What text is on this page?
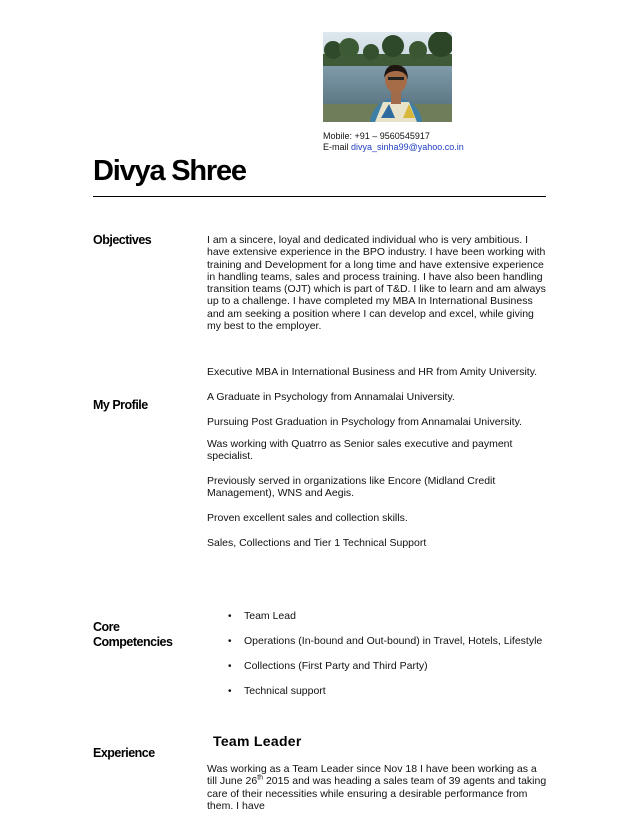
Mobile: +91 – 9560545917
E-mail divya_sinha99@yahoo.co.in
Divya Shree
Objectives	I am a sincere, loyal and dedicated individual who is very ambitious. I have extensive experience in the BPO industry. I have been working with training and Development for a long time and have extensive experience in handling teams, sales and process training. I have also been handling transition teams (OJT) which is part of T&D. I like to learn and am always up to a challenge. I have completed my MBA In International Business and am seeking a position where I can develop and excel, while giving my best to the employer.

My Profile

Executive MBA in International Business and HR from Amity University.

A Graduate in Psychology from Annamalai University.

Pursuing Post Graduation in Psychology from Annamalai University.

Was working with Quatrro as Senior sales executive and payment specialist.

Previously served in organizations like Encore (Midland Credit Management), WNS and Aegis.

Proven excellent sales and collection skills.

Sales, Collections and Tier 1 Technical Support

Core
Competencies
• Team Lead
• Operations (In-bound and Out-bound) in Travel, Hotels, Lifestyle
• Collections (First Party and Third Party)
• Technical support
Experience
Team Leader

Was working as a Team Leader since Nov 18 I have been working as a till June 26th 2015 and was heading a sales team of 39 agents and taking care of their necessities while ensuring a desirable performance from them. I have
